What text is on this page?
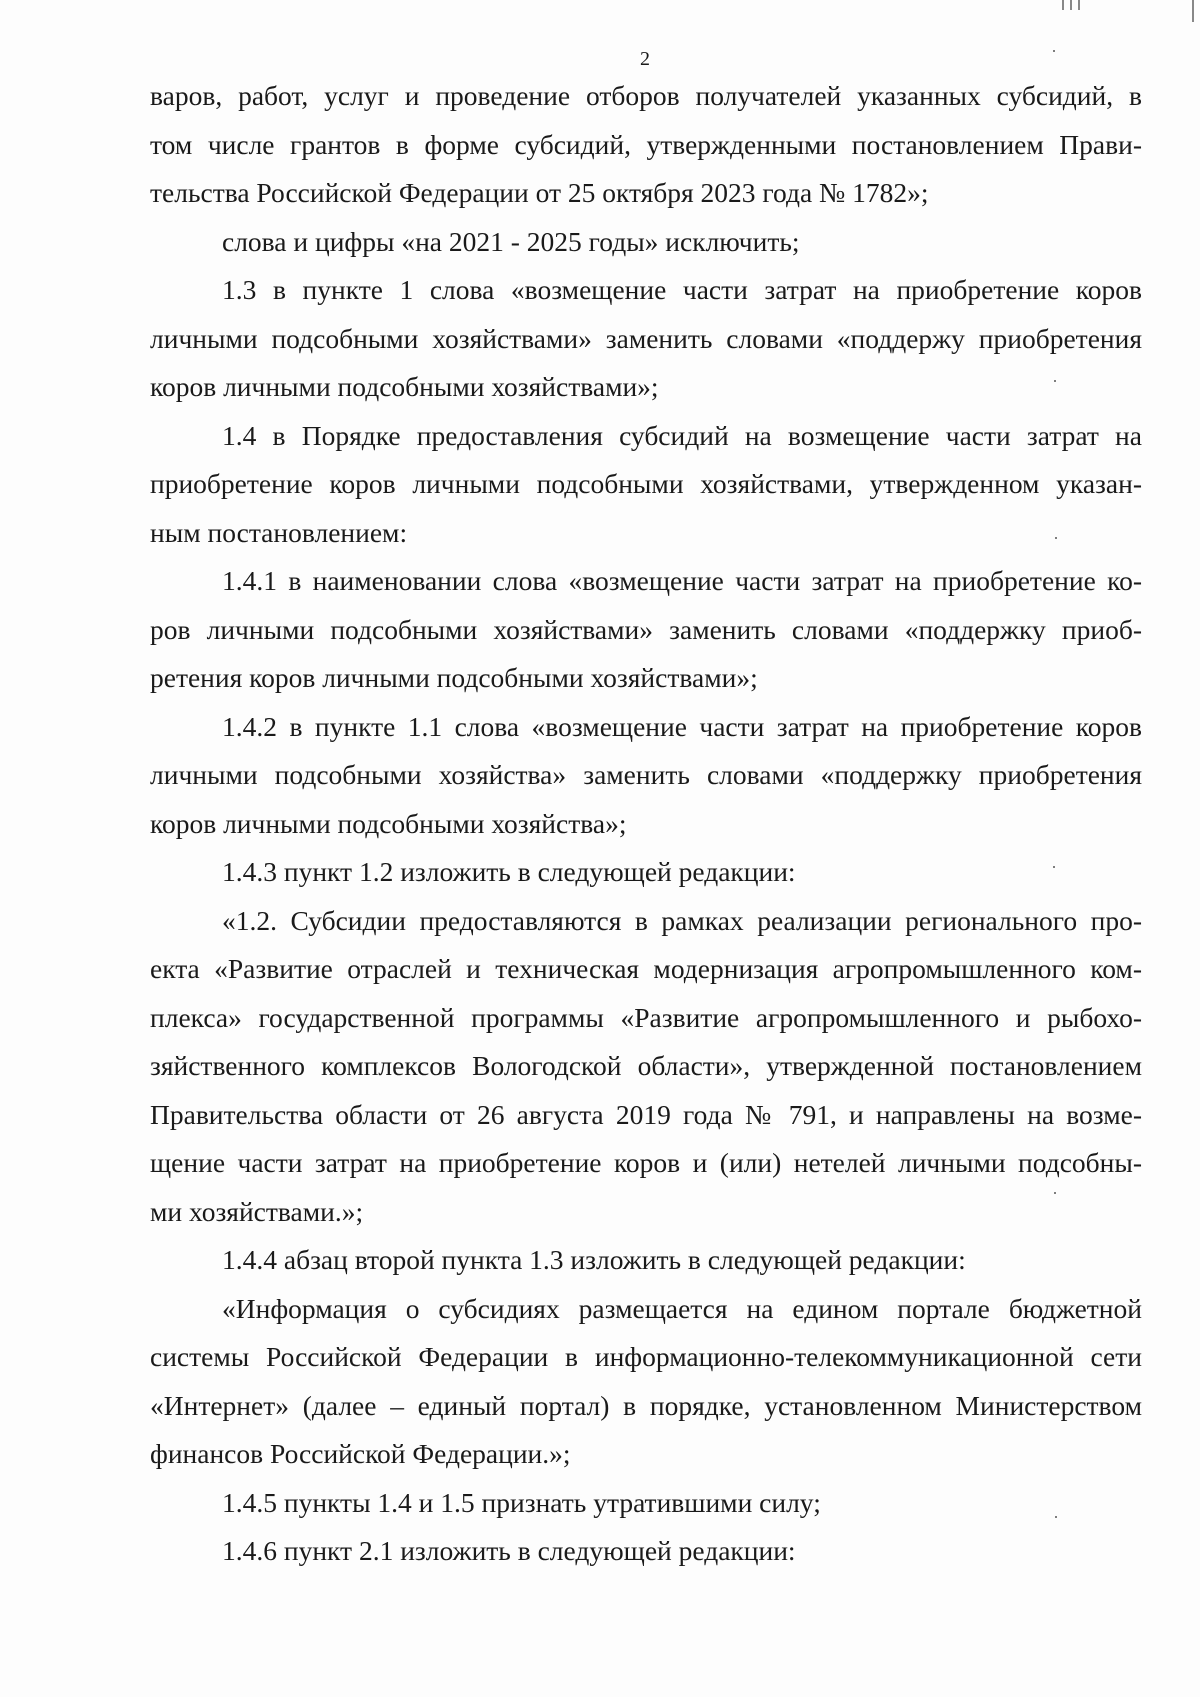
2
варов, работ, услуг и проведение отборов получателей указанных субсидий, в
том числе грантов в форме субсидий, утвержденными постановлением Прави-
тельства Российской Федерации от 25 октября 2023 года № 1782»;
слова и цифры «на 2021 - 2025 годы» исключить;
1.3 в пункте 1 слова «возмещение части затрат на приобретение коров
личными подсобными хозяйствами» заменить словами «поддержу приобретения
коров личными подсобными хозяйствами»;
1.4 в Порядке предоставления субсидий на возмещение части затрат на
приобретение коров личными подсобными хозяйствами, утвержденном указан-
ным постановлением:
1.4.1 в наименовании слова «возмещение части затрат на приобретение ко-
ров личными подсобными хозяйствами» заменить словами «поддержку приоб-
ретения коров личными подсобными хозяйствами»;
1.4.2 в пункте 1.1 слова «возмещение части затрат на приобретение коров
личными подсобными хозяйства» заменить словами «поддержку приобретения
коров личными подсобными хозяйства»;
1.4.3 пункт 1.2 изложить в следующей редакции:
«1.2. Субсидии предоставляются в рамках реализации регионального про-
екта «Развитие отраслей и техническая модернизация агропромышленного ком-
плекса» государственной программы «Развитие агропромышленного и рыбохо-
зяйственного комплексов Вологодской области», утвержденной постановлением
Правительства области от 26 августа 2019 года № 791, и направлены на возме-
щение части затрат на приобретение коров и (или) нетелей личными подсобны-
ми хозяйствами.»;
1.4.4 абзац второй пункта 1.3 изложить в следующей редакции:
«Информация о субсидиях размещается на едином портале бюджетной
системы Российской Федерации в информационно-телекоммуникационной сети
«Интернет» (далее – единый портал) в порядке, установленном Министерством
финансов Российской Федерации.»;
1.4.5 пункты 1.4 и 1.5 признать утратившими силу;
1.4.6 пункт 2.1 изложить в следующей редакции:
